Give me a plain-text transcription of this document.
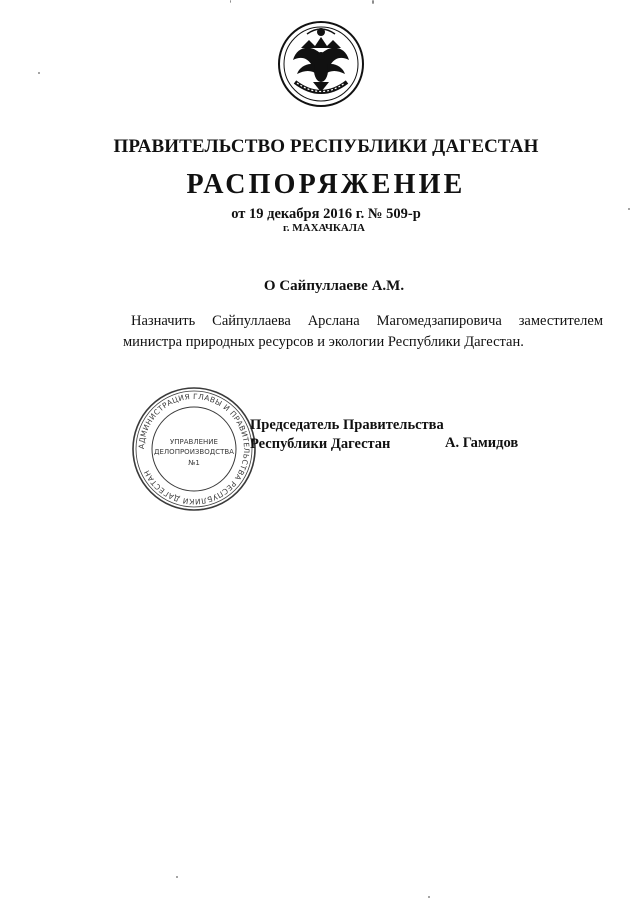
ПРАВИТЕЛЬСТВО РЕСПУБЛИКИ ДАГЕСТАН
РАСПОРЯЖЕНИЕ
от 19 декабря 2016 г. № 509-р
г. МАХАЧКАЛА
О Сайпуллаеве А.М.
Назначить Сайпуллаева Арслана Магомедзапировича заместителем министра природных ресурсов и экологии Республики Дагестан.
АДМИНИСТРАЦИЯ ГЛАВЫ И ПРАВИТЕЛЬСТВА РЕСПУБЛИКИ ДАГЕСТАН
УПРАВЛЕНИЕ
ДЕЛОПРОИЗВОДСТВА
№1
Председатель Правительства
Республики Дагестан	А. Гамидов
